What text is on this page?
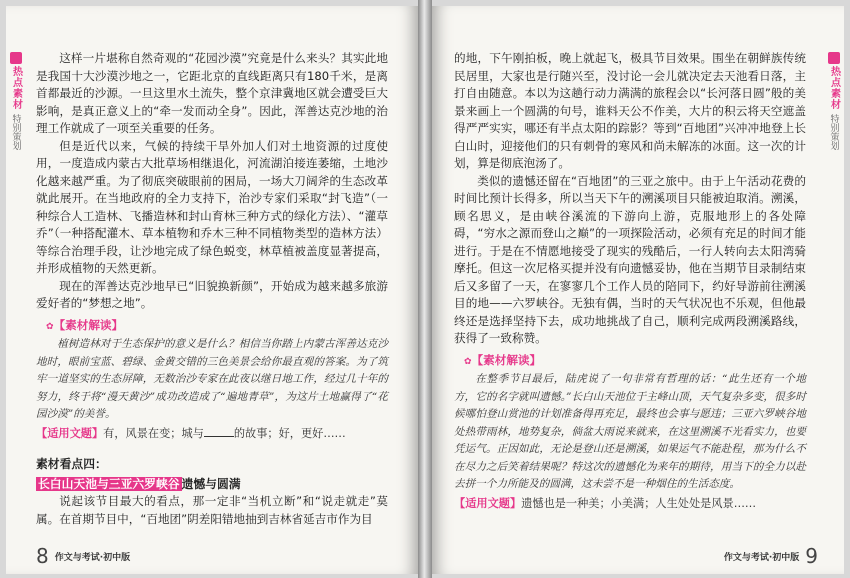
热点素材
特别策划

这样一片堪称自然奇观的“花园沙漠”究竟是什么来头？其实此地是我国十大沙漠沙地之一，它距北京的直线距离只有180千米，是离首都最近的沙源。一旦这里水土流失，整个京津冀地区就会遭受巨大影响，是真正意义上的“牵一发而动全身”。因此，浑善达克沙地的治理工作就成了一项至关重要的任务。

但是近代以来，气候的持续干旱外加人们对土地资源的过度使用，一度造成内蒙古大批草场相继退化，河流湖泊接连萎缩，土地沙化越来越严重。为了彻底突破眼前的困局，一场大刀阔斧的生态改革就此展开。在当地政府的全力支持下，治沙专家们采取“封飞造”（一种综合人工造林、飞播造林和封山育林三种方式的绿化方法）、“灌草乔”（一种搭配灌木、草本植物和乔木三种不同植物类型的造林方法）等综合治理手段，让沙地完成了绿色蜕变，林草植被盖度显著提高，并形成植物的天然更新。

现在的浑善达克沙地早已“旧貌换新颜”，开始成为越来越多旅游爱好者的“梦想之地”。

✿【素材解读】

植树造林对于生态保护的意义是什么？相信当你踏上内蒙古浑善达克沙地时，眼前宝蓝、碧绿、金黄交错的三色美景会给你最直观的答案。为了筑牢一道坚实的生态屏障，无数治沙专家在此夜以继日地工作，经过几十年的努力，终于将“漫天黄沙”成功改造成了“遍地青草”，为这片土地赢得了“花园沙漠”的美誉。

【适用文题】有，风景在变；城与	的故事；好，更好……
素材看点四：
长白山天池与三亚六罗峡谷 遗憾与圆满

说起该节目最大的看点，那一定非“当机立断”和“说走就走”莫属。在首期节目中，“百地团”阴差阳错地抽到吉林省延吉市作为目

8 作文与考试·初中版
热点素材
特别策划

的地，下午刚拍板，晚上就起飞，极具节目效果。围坐在朝鲜族传统民居里，大家也是行随兴至，没讨论一会儿就决定去天池看日落，主打自由随意。本以为这趟行动力满满的旅程会以“长河落日圆”般的美景来画上一个圆满的句号，谁料天公不作美，大片的积云将天空遮盖得严严实实，哪还有半点太阳的踪影？等到“百地团”兴冲冲地登上长白山时，迎接他们的只有刺骨的寒风和尚未解冻的冰面。这一次的计划，算是彻底泡汤了。

类似的遗憾还留在“百地团”的三亚之旅中。由于上午活动花费的时间比预计长得多，所以当天下午的溯溪项目只能被迫取消。溯溪，顾名思义，是由峡谷溪流的下游向上游，克服地形上的各处障碍，“穷水之源而登山之巅”的一项探险活动，必须有充足的时间才能进行。于是在不情愿地接受了现实的残酷后，一行人转向去太阳湾骑摩托。但这一次尼格买提并没有向遗憾妥协，他在当期节目录制结束后又多留了一天，在寥寥几个工作人员的陪同下，约好导游前往溯溪目的地——六罗峡谷。无独有偶，当时的天气状况也不乐观，但他最终还是选择坚持下去，成功地挑战了自己，顺利完成两段溯溪路线，获得了一致称赞。

✿【素材解读】

在整季节目最后，陆虎说了一句非常有哲理的话：“此生还有一个地方，它的名字就叫遗憾。”长白山天池位于主峰山顶，天气复杂多变，很多时候哪怕登山赏池的计划准备得再充足，最终也会事与愿违；三亚六罗峡谷地处热带雨林，地势复杂，倘盆大雨说来就来，在这里溯溪不光看实力，也要凭运气。正因如此，无论是登山还是溯溪，如果运气不能赴程，那为什么不在尽力之后笑着结果呢？特这次的遗憾化为来年的期待，用当下的全力以赴去拼一个力所能及的圆满，这未尝不是一种烟住的生活态度。

【适用文题】遗憾也是一种美；小美满；人生处处是风景……
作文与考试·初中版 9
